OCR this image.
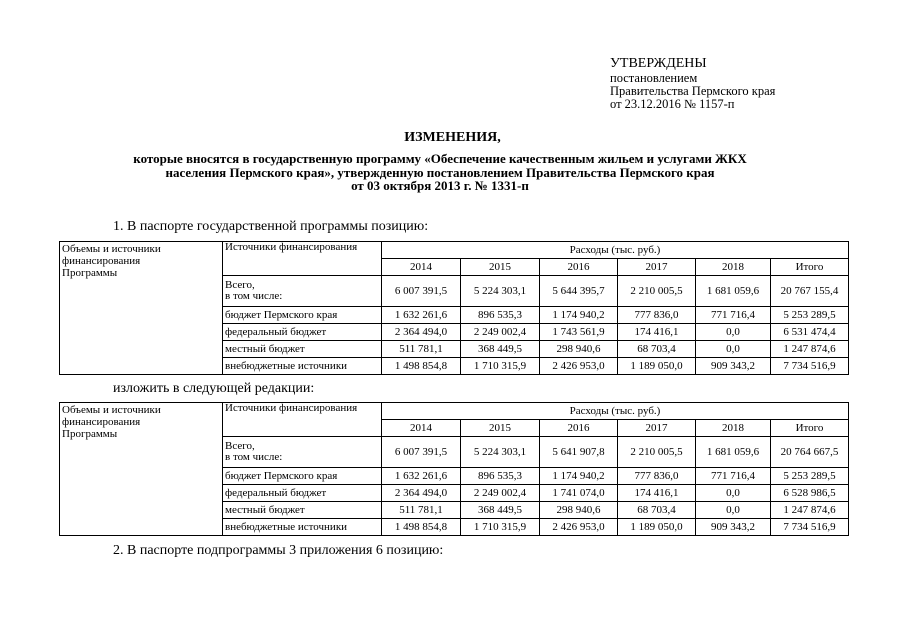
УТВЕРЖДЕНЫ
постановлением
Правительства Пермского края
от 23.12.2016 № 1157-п
ИЗМЕНЕНИЯ,
которые вносятся в государственную программу «Обеспечение качественным жильем и услугами ЖКХ
населения Пермского края», утвержденную постановлением Правительства Пермского края
от 03 октября 2013 г. № 1331-п
1. В паспорте государственной программы позицию:
Объемы и источники
финансирования
Программы	Источники финансирования	Расходы (тыс. руб.)					
		2014	2015	2016	2017	2018	Итого

	Всего,
в том числе:	6 007 391,5	5 224 303,1	5 644 395,7	2 210 005,5	1 681 059,6	20 767 155,4
	бюджет Пермского края	1 632 261,6	896 535,3	1 174 940,2	777 836,0	771 716,4	5 253 289,5
	федеральный бюджет	2 364 494,0	2 249 002,4	1 743 561,9	174 416,1	0,0	6 531 474,4
	местный бюджет	511 781,1	368 449,5	298 940,6	68 703,4	0,0	1 247 874,6
	внебюджетные источники	1 498 854,8	1 710 315,9	2 426 953,0	1 189 050,0	909 343,2	7 734 516,9
изложить в следующей редакции:
Объемы и источники
финансирования
Программы	Источники финансирования	Расходы (тыс. руб.)					
		2014	2015	2016	2017	2018	Итого

	Всего,
в том числе:	6 007 391,5	5 224 303,1	5 641 907,8	2 210 005,5	1 681 059,6	20 764 667,5
	бюджет Пермского края	1 632 261,6	896 535,3	1 174 940,2	777 836,0	771 716,4	5 253 289,5
	федеральный бюджет	2 364 494,0	2 249 002,4	1 741 074,0	174 416,1	0,0	6 528 986,5
	местный бюджет	511 781,1	368 449,5	298 940,6	68 703,4	0,0	1 247 874,6
	внебюджетные источники	1 498 854,8	1 710 315,9	2 426 953,0	1 189 050,0	909 343,2	7 734 516,9
2. В паспорте подпрограммы 3 приложения 6 позицию:
